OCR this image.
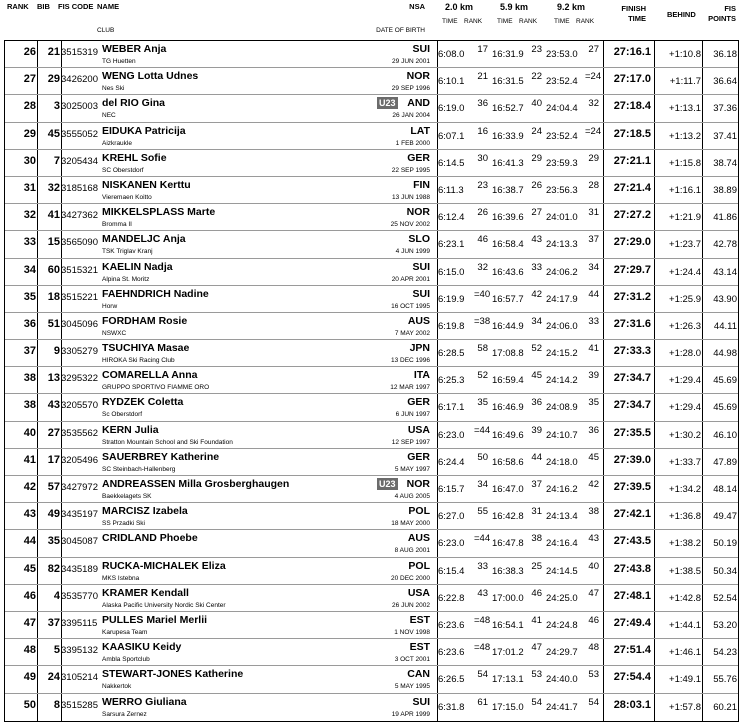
RANK BIB FIS CODE NAME
CLUB
NSA
DATE OF BIRTH
2.0 km
TIME RANK
5.9 km
TIME RANK
9.2 km
TIME RANK
FINISH
TIME	BEHIND
FIS
POINTS
26	21 3515319 WEBER Anja
TG Huetten
SUI
29 JUN 2001
6:08.0	17 16:31.9 23 23:53.0	27	27:16.1	+1:10.8	36.18
27	29 3426200 WENG Lotta Udnes
Nes Ski
NOR
29 SEP 1996
6:10.1	21 16:31.5 22 23:52.4 =24	27:17.0	+1:11.7	36.64
28	3 3025003 del RIO Gina
NEC
U23	AND
26 JAN 2004
6:19.0	36 16:52.7 40 24:04.4	32	27:18.4	+1:13.1	37.36
29	45 3555052 EIDUKA Patricija
Aizkraukle
LAT
1 FEB 2000
6:07.1	16 16:33.9 24 23:52.4 =24	27:18.5	+1:13.2	37.41
30	7 3205434 KREHL Sofie
SC Oberstdorf
GER
22 SEP 1995
6:14.5	30 16:41.3 29 23:59.3	29	27:21.1	+1:15.8	38.74
31	32 3185168 NISKANEN Kerttu
Vieremaen Koitto
FIN
13 JUN 1988
6:11.3	23 16:38.7 26 23:56.3	28	27:21.4	+1:16.1	38.89
32	41 3427362 MIKKELSPLASS Marte
Bromma II
NOR
25 NOV 2002
6:12.4	26 16:39.6 27 24:01.0	31	27:27.2	+1:21.9	41.86
33	15 3565090 MANDELJC Anja
TSK Triglav Kranj
SLO
4 JUN 1999
6:23.1	46 16:58.4 43 24:13.3	37	27:29.0	+1:23.7	42.78
34	60 3515321 KAELIN Nadja
Alpina St. Moritz
SUI
20 APR 2001
6:15.0	32 16:43.6 33 24:06.2	34	27:29.7	+1:24.4	43.14
35	18 3515221 FAEHNDRICH Nadine
Horw
SUI
16 OCT 1995
6:19.9 =40 16:57.7 42 24:17.9	44	27:31.2	+1:25.9	43.90
36	51 3045096 FORDHAM Rosie
NSWXC
AUS
7 MAY 2002
6:19.8 =38 16:44.9 34 24:06.0	33	27:31.6	+1:26.3	44.11
37	9 3305279 TSUCHIYA Masae
HIROKA Ski Racing Club
JPN
13 DEC 1996
6:28.5	58 17:08.8 52 24:15.2	41	27:33.3	+1:28.0	44.98
38	13 3295322 COMARELLA Anna
GRUPPO SPORTIVO FIAMME ORO
ITA
12 MAR 1997
6:25.3	52 16:59.4 45 24:14.2	39	27:34.7	+1:29.4	45.69
38	43 3205570 RYDZEK Coletta
Sc Oberstdorf
GER
6 JUN 1997
6:17.1	35 16:46.9 36 24:08.9	35	27:34.7	+1:29.4	45.69
40	27 3535562 KERN Julia
Stratton Mountain School and Ski Foundation
USA
12 SEP 1997
6:23.0 =44 16:49.6 39 24:10.7	36	27:35.5	+1:30.2	46.10
41	17 3205496 SAUERBREY Katherine
SC Steinbach-Hallenberg
GER
5 MAY 1997
6:24.4	50 16:58.6 44 24:18.0	45	27:39.0	+1:33.7	47.89
42	57 3427972 ANDREASSEN Milla Grosberghaugen
Baekkelagets SK
U23	NOR
4 AUG 2005
6:15.7	34 16:47.0 37 24:16.2	42	27:39.5	+1:34.2	48.14
43	49 3435197 MARCISZ Izabela
SS Przadki Ski
POL
18 MAY 2000
6:27.0	55 16:42.8 31 24:13.4	38	27:42.1	+1:36.8	49.47
44	35 3045087 CRIDLAND Phoebe	AUS
8 AUG 2001
6:23.0 =44 16:47.8 38 24:16.4	43	27:43.5	+1:38.2	50.19
45	82 3435189 RUCKA-MICHALEK Eliza
MKS Istebna
POL
20 DEC 2000
6:15.4	33 16:38.3 25 24:14.5	40	27:43.8	+1:38.5	50.34
46	4 3535770 KRAMER Kendall
Alaska Pacific University Nordic Ski Center
USA
26 JUN 2002
6:22.8	43 17:00.0 46 24:25.0	47	27:48.1	+1:42.8	52.54
47	37 3395115 PULLES Mariel Merlii
Karupesa Team
EST
1 NOV 1998
6:23.6 =48 16:54.1 41 24:24.8	46	27:49.4	+1:44.1	53.20
48	5 3395132 KAASIKU Keidy
Ambla Sportclub
EST
3 OCT 2001
6:23.6 =48 17:01.2 47 24:29.7	48	27:51.4	+1:46.1	54.23
49	24 3105214 STEWART-JONES Katherine
Nakkertok
CAN
5 MAY 1995
6:26.5	54 17:13.1 53 24:40.0	53	27:54.4	+1:49.1	55.76
50	8 3515285 WERRO Giuliana
Sarsura Zernez
SUI
19 APR 1999
6:31.8	61 17:15.0 54 24:41.7	54	28:03.1	+1:57.8	60.21
